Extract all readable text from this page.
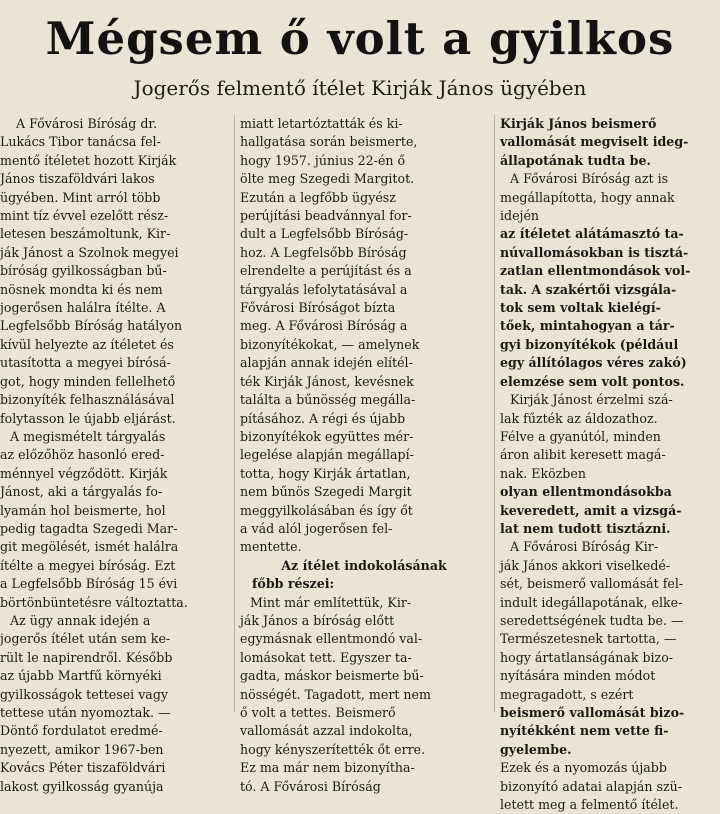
Mégsem ő volt a gyilkos
Jogerős felmentő ítélet Kirják János ügyében

A Fővárosi Bíróság dr.

Lukács Tibor tanácsa fel-

mentő ítéletet hozott Kirják

János tiszaföldvári lakos

ügyében. Mint arról több

mint tíz évvel ezelőtt rész-

letesen beszámoltunk, Kir-

ják Jánost a Szolnok megyei

bíróság gyilkosságban bű-

nösnek mondta ki és nem

jogerősen halálra ítélte. A

Legfelsőbb Bíróság hatályon

kívül helyezte az ítéletet és

utasította a megyei bírósá-

got, hogy minden fellelhető

bizonyíték felhasználásával

folytasson le újabb eljárást.

A megismételt tárgyalás

az előzőhöz hasonló ered-

ménnyel végződött. Kirják

Jánost, aki a tárgyalás fo-

lyamán hol beismerte, hol

pedig tagadta Szegedi Mar-

git megölését, ismét halálra

ítélte a megyei bíróság. Ezt

a Legfelsőbb Bíróság 15 évi

börtönbüntetésre változtatta.

Az ügy annak idején a

jogerős ítélet után sem ke-

rült le napirendről. Később

az újabb Martfű környéki

gyilkosságok tettesei vagy

tettese után nyomoztak. —

Döntő fordulatot eredmé-

nyezett, amikor 1967-ben

Kovács Péter tiszaföldvári

lakost gyilkosság gyanúja

miatt letartóztatták és ki-

hallgatása során beismerte,

hogy 1957. június 22-én ő

ölte meg Szegedi Margitot.

Ezután a legfőbb ügyész

perújítási beadvánnyal for-

dult a Legfelsőbb Bíróság-

hoz. A Legfelsőbb Bíróság

elrendelte a perújítást és a

tárgyalás lefolytatásával a

Fővárosi Bíróságot bízta

meg. A Fővárosi Bíróság a

bizonyítékokat, — amelynek

alapján annak idején elítél-

ték Kirják Jánost, kevésnek

találta a bűnösség megálla-

pításához. A régi és újabb

bizonyítékok együttes mér-

legelése alapján megállapí-

totta, hogy Kirják ártatlan,

nem bűnös Szegedi Margit

meggyilkolásában és így őt

a vád alól jogerősen fel-

mentette.

Az ítélet indokolásának

főbb részei:

Mint már említettük, Kir-

ják János a bíróság előtt

egymásnak ellentmondó val-

lomásokat tett. Egyszer ta-

gadta, máskor beismerte bű-

nösségét. Tagadott, mert nem

ő volt a tettes. Beismerő

vallomását azzal indokolta,

hogy kényszerítették őt erre.

Ez ma már nem bizonyítha-

tó. A Fővárosi Bíróság

Kirják János beismerő

vallomását megviselt ideg-

állapotának tudta be.

A Fővárosi Bíróság azt is

megállapította, hogy annak

idején

az ítéletet alátámasztó ta-

núvallomásokban is tisztá-

zatlan ellentmondások vol-

tak. A szakértői vizsgála-

tok sem voltak kielégí-

tőek, mintahogyan a tár-

gyi bizonyítékok (például

egy állítólagos véres zakó)

elemzése sem volt pontos.

Kirják Jánost érzelmi szá-

lak fűzték az áldozathoz.

Félve a gyanútól, minden

áron alibit keresett magá-

nak. Eközben

olyan ellentmondásokba

keveredett, amit a vizsgá-

lat nem tudott tisztázni.

A Fővárosi Bíróság Kir-

ják János akkori viselkedé-

sét, beismerő vallomását fel-

indult idegállapotának, elke-

seredettségének tudta be. —

Természetesnek tartotta, —

hogy ártatlanságának bizo-

nyítására minden módot

megragadott, s ezért

beismerő vallomását bizo-

nyítékként nem vette fi-

gyelembe.

Ezek és a nyomozás újabb

bizonyító adatai alapján szü-

letett meg a felmentő ítélet.
